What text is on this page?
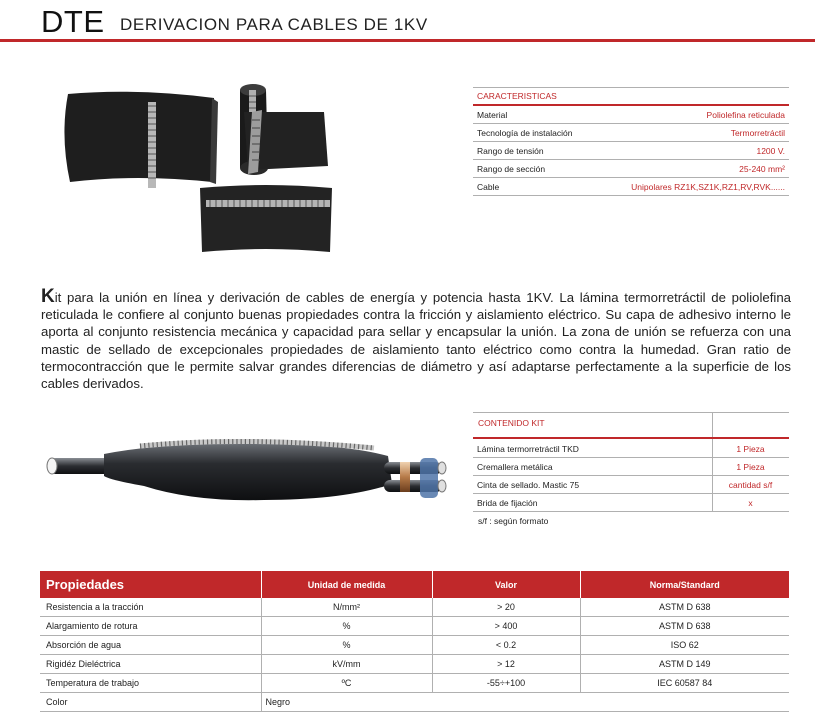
DTE DERIVACION PARA CABLES DE 1KV
CARACTERISTICAS
Material	Poliolefina reticulada
Tecnología de instalación	Termorretráctil
Rango de tensión	1200 V.
Rango de sección	25-240 mm²
Cable	Unipolares RZ1K,SZ1K,RZ1,RV,RVK......
Kit para la unión en línea y derivación de cables de energía y potencia hasta 1KV. La lámina termorretráctil de poliolefina reticulada le confiere al conjunto buenas propiedades contra la fricción y aislamiento eléctrico. Su capa de adhesivo interno le aporta al conjunto resistencia mecánica y capacidad para sellar y encapsular la unión. La zona de unión se refuerza con una mastic de sellado de excepcionales propiedades de aislamiento tanto eléctrico como contra la humedad. Gran ratio de termocontracción que le permite salvar grandes diferencias de diámetro y así adaptarse perfectamente a la superficie de los cables derivados.
CONTENIDO KIT
Lámina termorretráctil TKD	1 Pieza
Cremallera metálica	1 Pieza
Cinta de sellado. Mastic 75	cantidad s/f
Brida de fijación	x
s/f : según formato
Propiedades	Unidad de medida	Valor	Norma/Standard
Resistencia a la tracción	N/mm²	> 20	ASTM D 638
Alargamiento de rotura	%	> 400	ASTM D 638
Absorción de agua	%	< 0.2	ISO 62
Rigidéz Dieléctrica	kV/mm	> 12	ASTM D 149
Temperatura de trabajo	ºC	-55÷+100	IEC 60587 84
Color	Negro		
